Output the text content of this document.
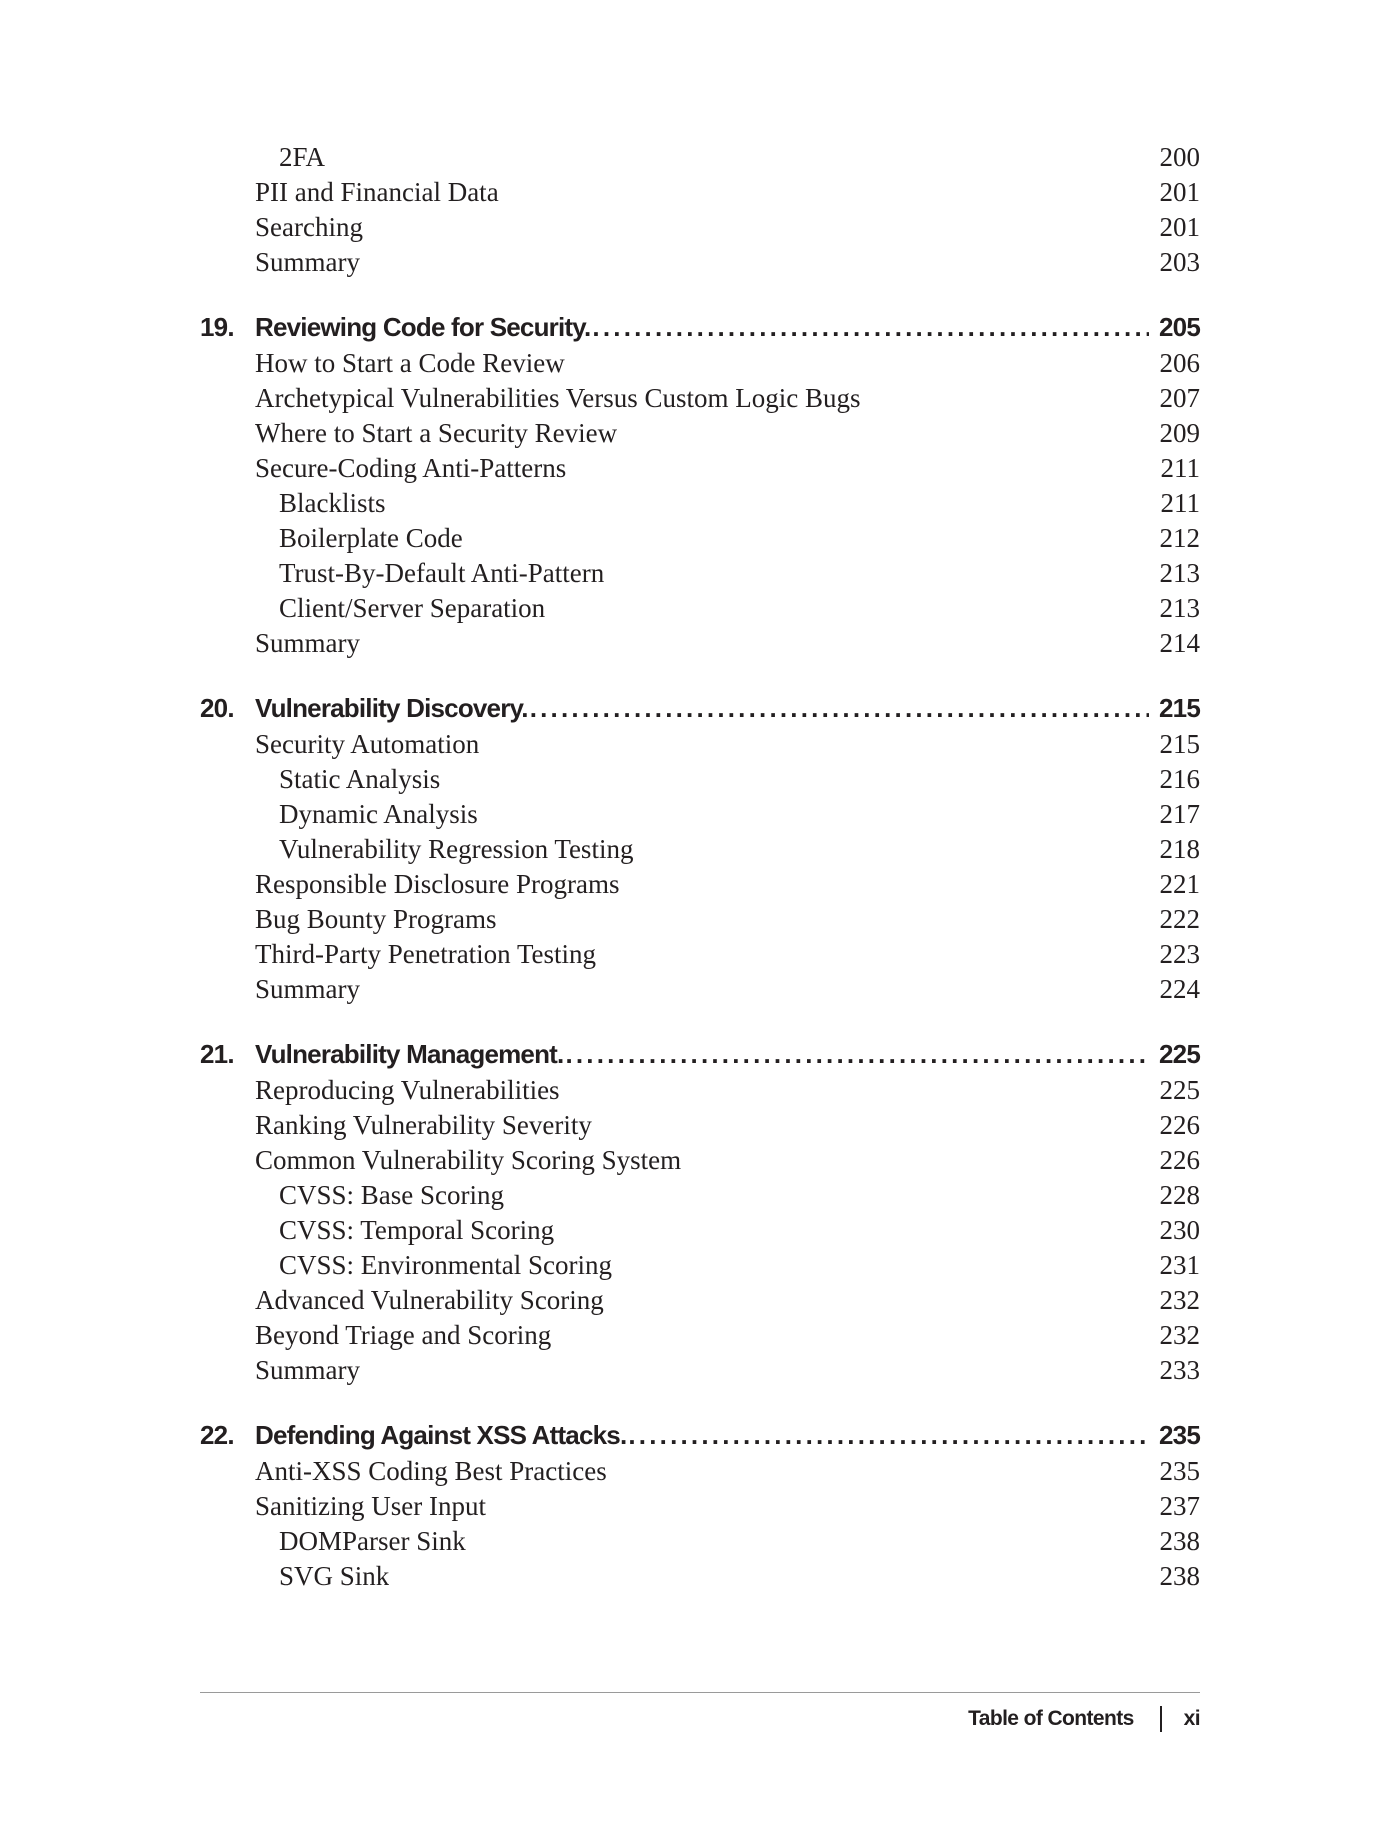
2FA	200
PII and Financial Data	201
Searching	201
Summary	203
19. Reviewing Code for Security. .....	205
How to Start a Code Review	206
Archetypical Vulnerabilities Versus Custom Logic Bugs	207
Where to Start a Security Review	209
Secure-Coding Anti-Patterns	211
Blacklists	211
Boilerplate Code	212
Trust-By-Default Anti-Pattern	213
Client/Server Separation	213
Summary	214
20. Vulnerability Discovery. .....	215
Security Automation	215
Static Analysis	216
Dynamic Analysis	217
Vulnerability Regression Testing	218
Responsible Disclosure Programs	221
Bug Bounty Programs	222
Third-Party Penetration Testing	223
Summary	224
21. Vulnerability Management. .....	225
Reproducing Vulnerabilities	225
Ranking Vulnerability Severity	226
Common Vulnerability Scoring System	226
CVSS: Base Scoring	228
CVSS: Temporal Scoring	230
CVSS: Environmental Scoring	231
Advanced Vulnerability Scoring	232
Beyond Triage and Scoring	232
Summary	233
22. Defending Against XSS Attacks. .....	235
Anti-XSS Coding Best Practices	235
Sanitizing User Input	237
DOMParser Sink	238
SVG Sink	238
Table of Contents xi
